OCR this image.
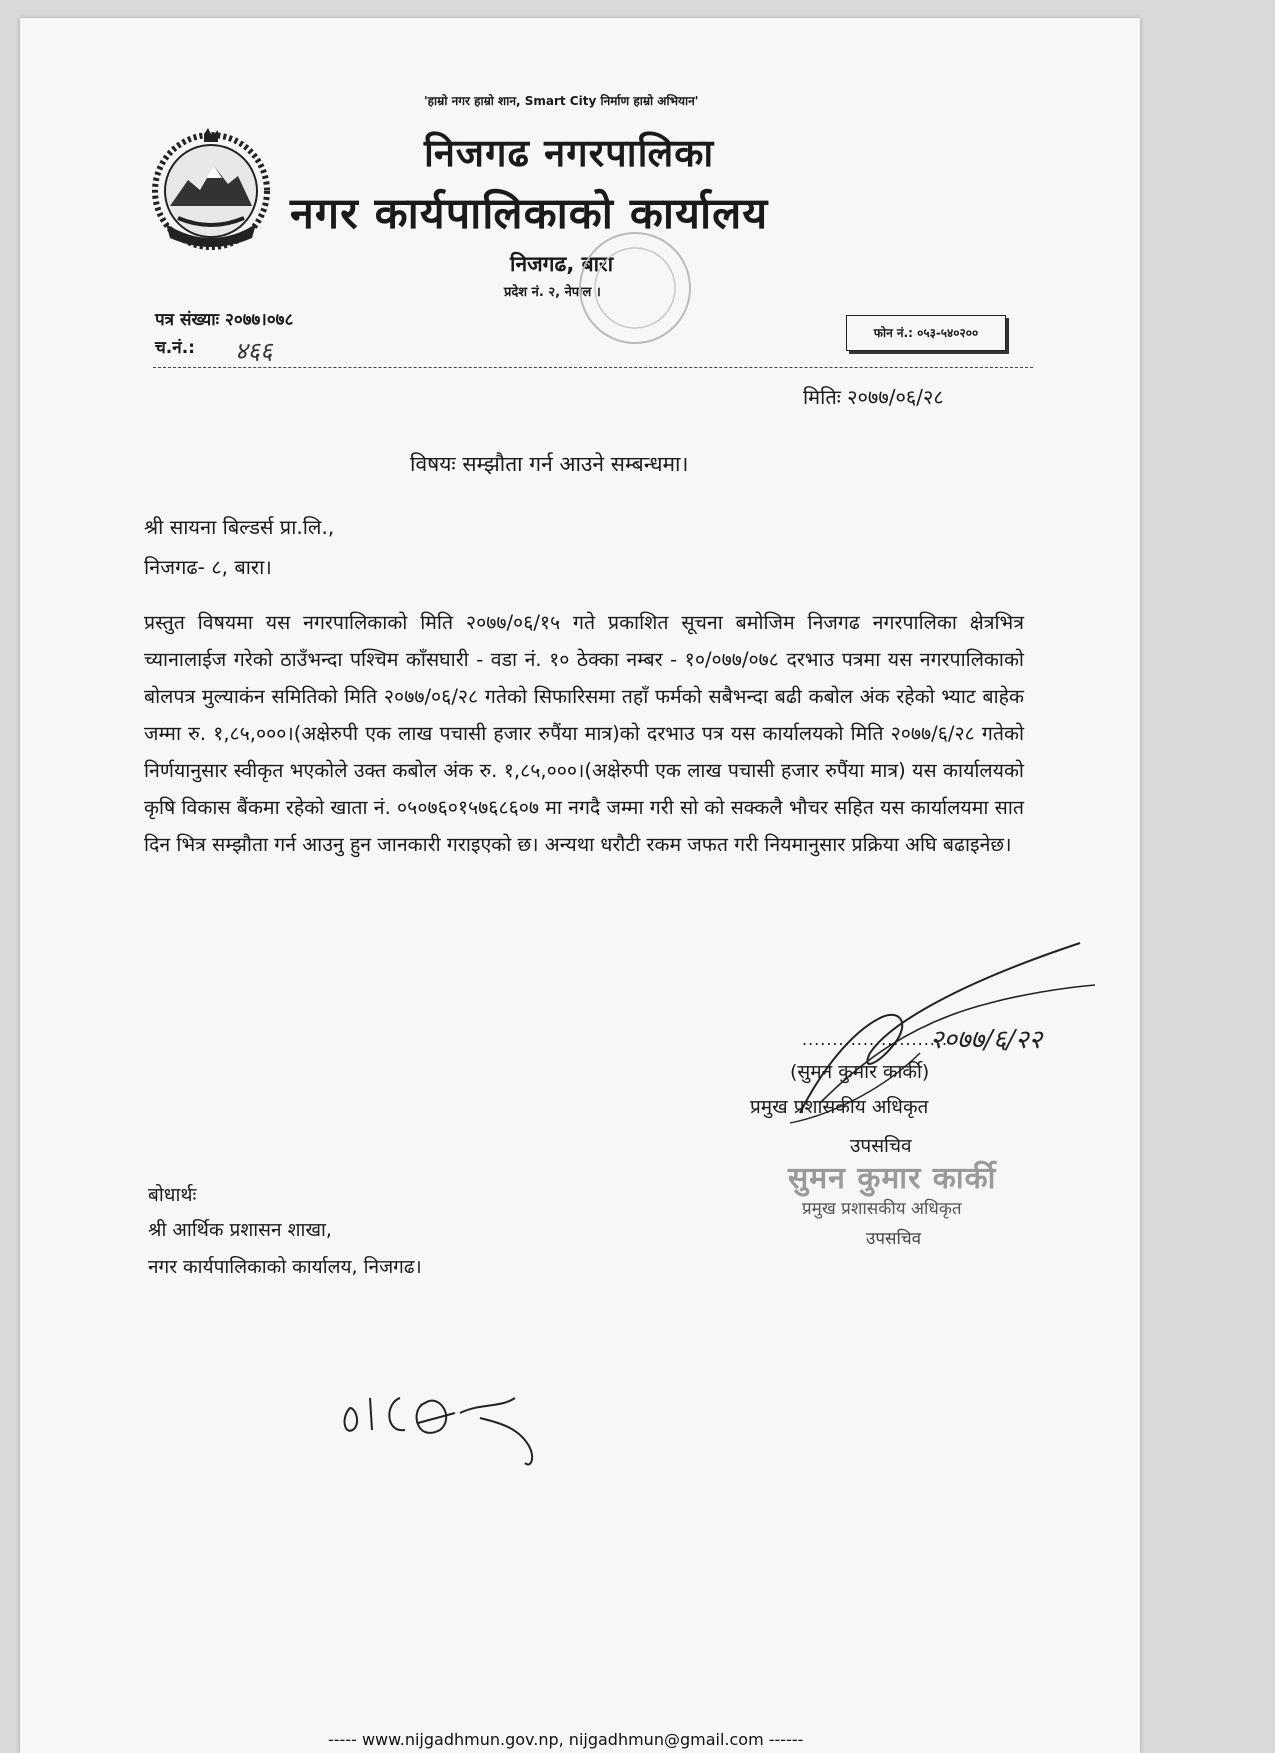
'हाम्रो नगर हाम्रो शान, Smart City निर्माण हाम्रो अभियान'
निजगढ नगरपालिका
नगर कार्यपालिकाको कार्यालय
निजगढ, बारा
प्रदेश नं. २, नेपाल ।
पत्र संख्याः २०७७।०७८
च.नं.: ४६६
फोन नं.: ०५३-५४०२००
मितिः २०७७/०६/२८
विषयः सम्झौता गर्न आउने सम्बन्धमा।
श्री सायना बिल्डर्स प्रा.लि.,
निजगढ- ८, बारा।
प्रस्तुत विषयमा यस नगरपालिकाको मिति २०७७/०६/१५ गते प्रकाशित सूचना बमोजिम निजगढ नगरपालिका क्षेत्रभित्र च्यानालाईज गरेको ठाउँभन्दा पश्चिम काँसघारी - वडा नं. १० ठेक्का नम्बर - १०/०७७/०७८ दरभाउ पत्रमा यस नगरपालिकाको बोलपत्र मुल्याकंन समितिको मिति २०७७/०६/२८ गतेको सिफारिसमा तहाँ फर्मको सबैभन्दा बढी कबोल अंक रहेको भ्याट बाहेक जम्मा रु. १,८५,०००।(अक्षेरुपी एक लाख पचासी हजार रुपैंया मात्र)को दरभाउ पत्र यस कार्यालयको मिति २०७७/६/२८ गतेको निर्णयानुसार स्वीकृत भएकोले उक्त कबोल अंक रु. १,८५,०००।(अक्षेरुपी एक लाख पचासी हजार रुपैंया मात्र) यस कार्यालयको कृषि विकास बैंकमा रहेको खाता नं. ०५०७६०१५७६८६०७ मा नगदै जम्मा गरी सो को सक्कलै भौचर सहित यस कार्यालयमा सात दिन भित्र सम्झौता गर्न आउनु हुन जानकारी गराइएको छ। अन्यथा धरौटी रकम जफत गरी नियमानुसार प्रक्रिया अघि बढाइनेछ।
२०७७/६/२२
........................
(सुमन कुमार कार्की)
प्रमुख प्रशासकीय अधिकृत
उपसचिव
सुमन कुमार कार्की
प्रमुख प्रशासकीय अधिकृत
उपसचिव
बोधार्थः
श्री आर्थिक प्रशासन शाखा,
नगर कार्यपालिकाको कार्यालय, निजगढ।
----- www.nijgadhmun.gov.np, nijgadhmun@gmail.com ------
